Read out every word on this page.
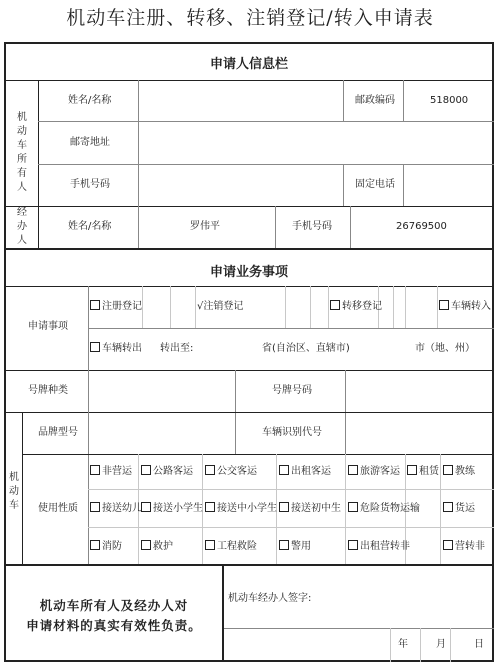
机动车注册、转移、注销登记/转入申请表
申请人信息栏
机动车所有人
姓名/名称	邮政编码	518000
邮寄地址
手机号码	固定电话
经办人
姓名/名称	罗伟平	手机号码	26769500
申请业务事项
申请事项
注册登记	√注销登记	转移登记	车辆转入
车辆转出 转出至:	省(自治区、直辖市)	市（地、州）
号牌种类	号牌号码
机动车
品牌型号	车辆识别代号
使用性质
非营运	公路客运	公交客运	出租客运	旅游客运	租赁	教练
接送幼儿	接送小学生	接送中小学生	接送初中生	危险货物运输	货运
消防	救护	工程救险	警用	出租营转非	营转非
机动车所有人及经办人对
申请材料的真实有效性负责。
机动车经办人签字:
年	月	日
